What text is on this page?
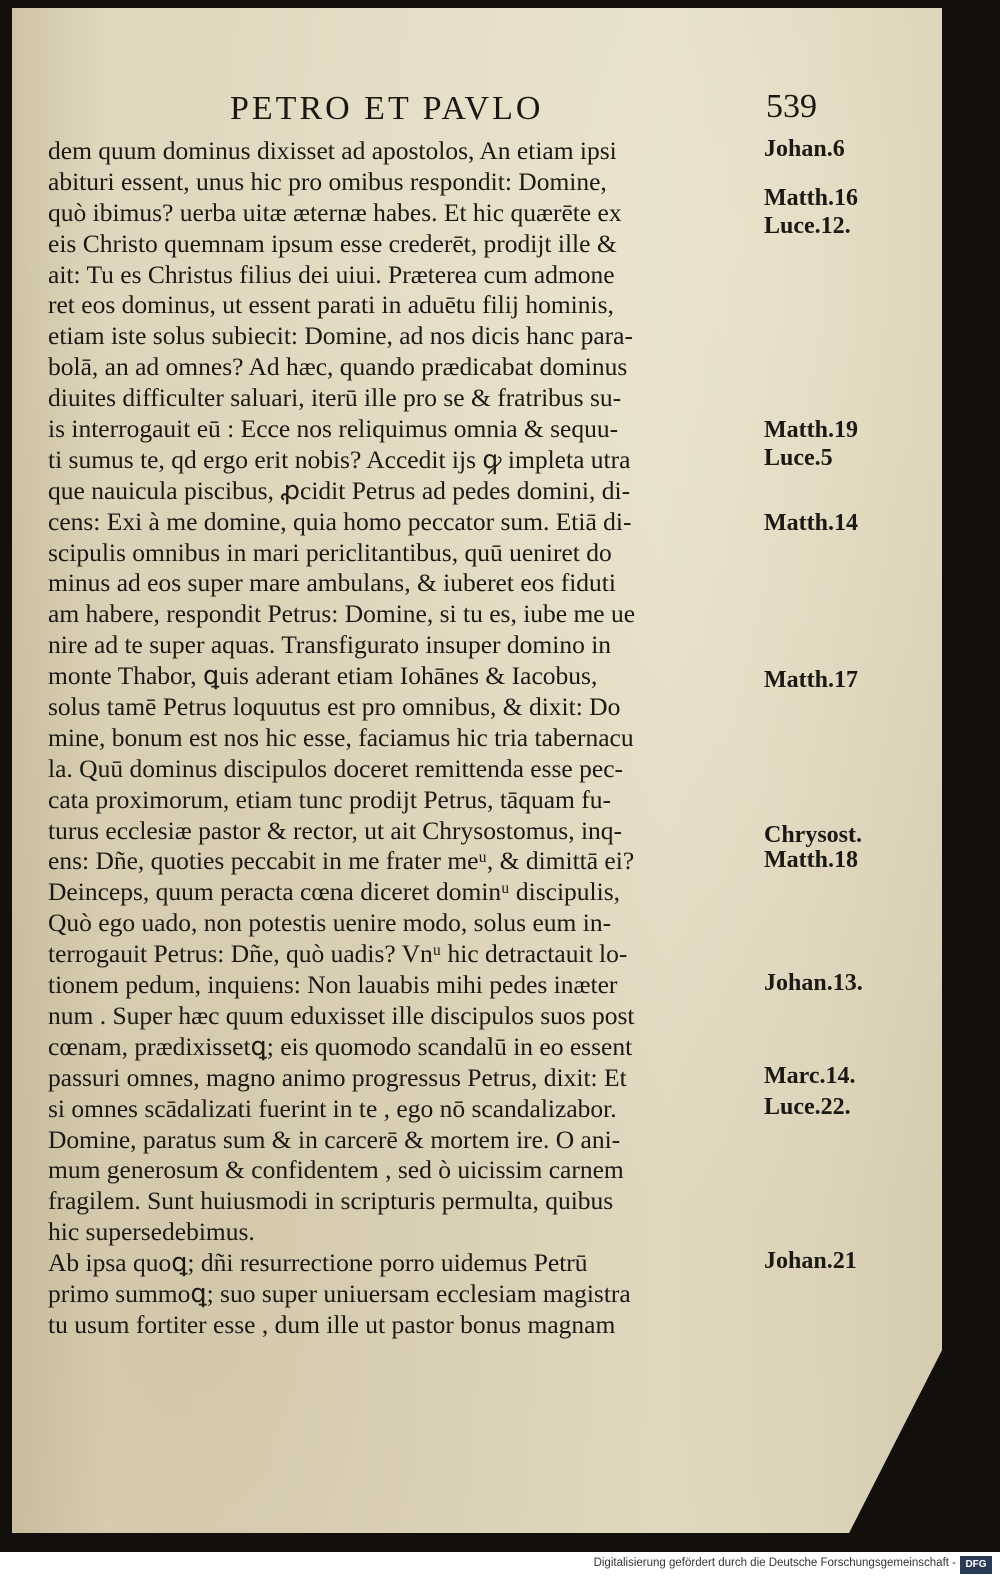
PETRO ET PAVLO	539
dem quum dominus dixisset ad apostolos, An etiam ipsi
abituri essent, unus hic pro omibus respondit: Domine,
quò ibimus? uerba uitæ æternæ habes. Et hic quærēte ex
eis Christo quemnam ipsum esse crederēt, prodijt ille &
ait: Tu es Christus filius dei uiui. Præterea cum admone
ret eos dominus, ut essent parati in aduētu filij hominis,
etiam iste solus subiecit: Domine, ad nos dicis hanc para-
bolā, an ad omnes? Ad hæc, quando prædicabat dominus
diuites difficulter saluari, iterū ille pro se & fratribus su-
is interrogauit eū : Ecce nos reliquimus omnia & sequu-
ti sumus te, qd ergo erit nobis? Accedit ijs ꝙ impleta utra
que nauicula piscibus, ꝓcidit Petrus ad pedes domini, di-
cens: Exi à me domine, quia homo peccator sum. Etiā di-
scipulis omnibus in mari periclitantibus, quū ueniret do
minus ad eos super mare ambulans, & iuberet eos fiduti
am habere, respondit Petrus: Domine, si tu es, iube me ue
nire ad te super aquas. Transfigurato insuper domino in
monte Thabor, ꝗuis aderant etiam Iohānes & Iacobus,
solus tamē Petrus loquutus est pro omnibus, & dixit: Do
mine, bonum est nos hic esse, faciamus hic tria tabernacu
la. Quū dominus discipulos doceret remittenda esse pec-
cata proximorum, etiam tunc prodijt Petrus, tāquam fu-
turus ecclesiæ pastor & rector, ut ait Chrysostomus, inq-
ens: Dñe, quoties peccabit in me frater meᵘ, & dimittā ei?
Deinceps, quum peracta cœna diceret dominᵘ discipulis,
Quò ego uado, non potestis uenire modo, solus eum in-
terrogauit Petrus: Dñe, quò uadis? Vnᵘ hic detractauit lo-
tionem pedum, inquiens: Non lauabis mihi pedes inæter
num . Super hæc quum eduxisset ille discipulos suos post
cœnam, prædixissetꝗ; eis quomodo scandalū in eo essent
passuri omnes, magno animo progressus Petrus, dixit: Et
si omnes scādalizati fuerint in te , ego nō scandalizabor.
Domine, paratus sum & in carcerē & mortem ire. O ani-
mum generosum & confidentem , sed ò uicissim carnem
fragilem. Sunt huiusmodi in scripturis permulta, quibus
hic supersedebimus.
Ab ipsa quoꝗ; dñi resurrectione porro uidemus Petrū
primo summoꝗ; suo super uniuersam ecclesiam magistra
tu usum fortiter esse , dum ille ut pastor bonus magnam
Johan.6
Matth.16
Luce.12.
Matth.19
Luce.5
Matth.14
Matth.17
Chrysost.
Matth.18
Johan.13.
Marc.14.
Luce.22.
Johan.21
Digitalisierung gefördert durch die Deutsche Forschungsgemeinschaft - DFG
